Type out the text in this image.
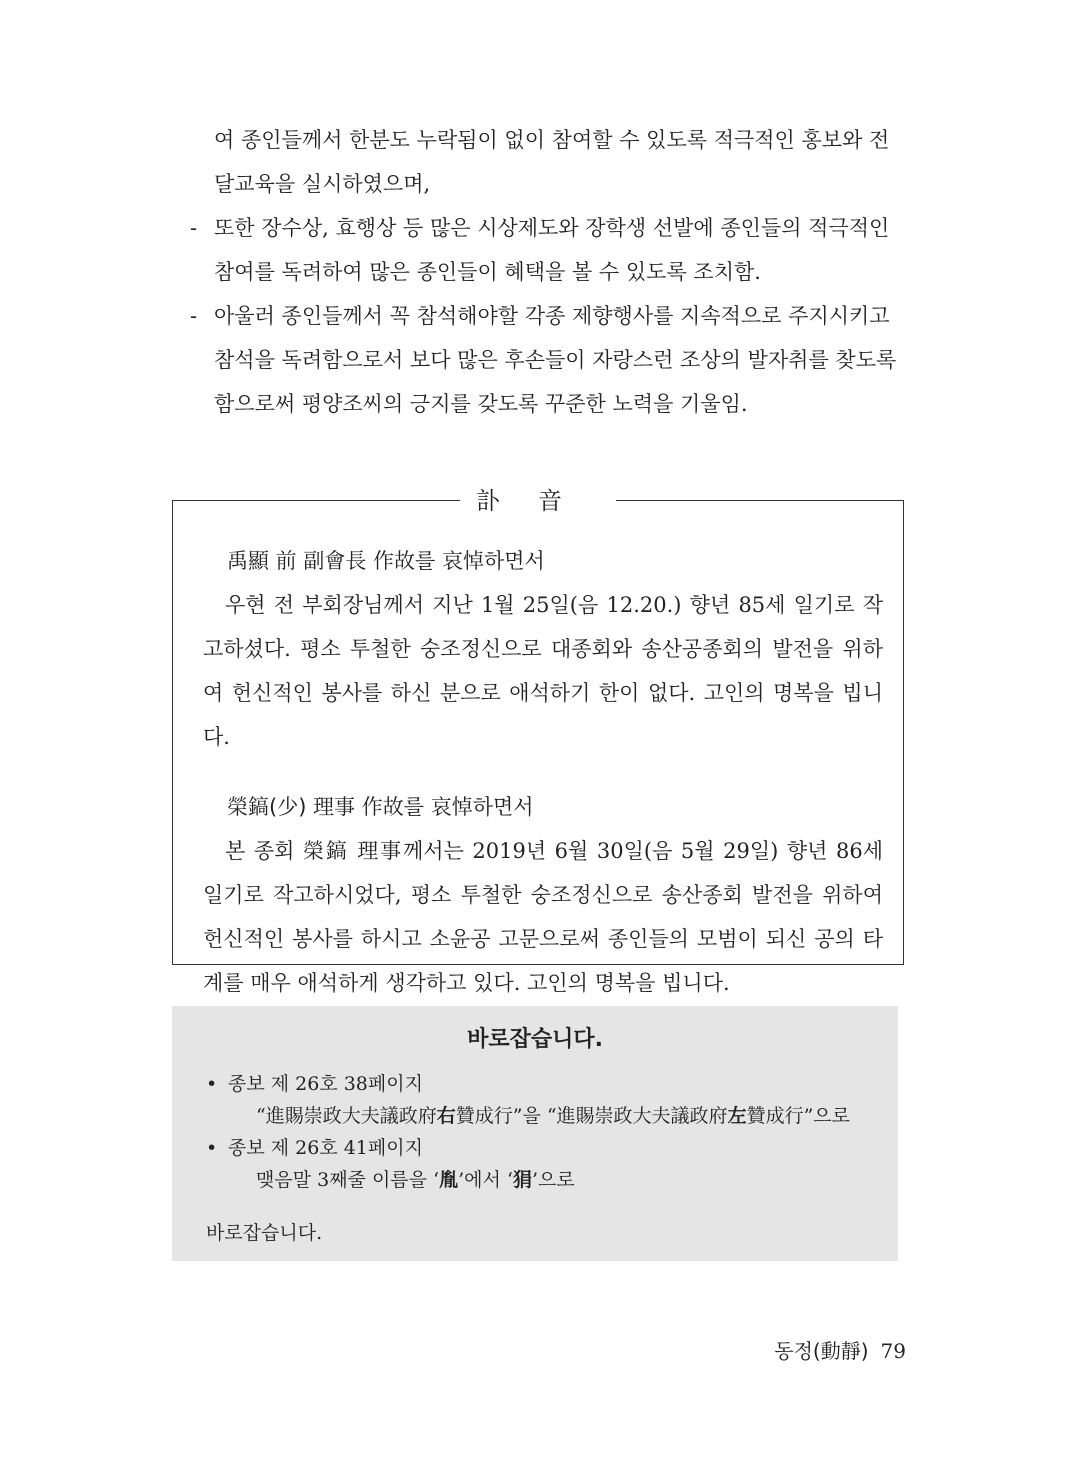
여 종인들께서 한분도 누락됨이 없이 참여할 수 있도록 적극적인 홍보와 전
달교육을 실시하였으며,
- 또한 장수상, 효행상 등 많은 시상제도와 장학생 선발에 종인들의 적극적인
참여를 독려하여 많은 종인들이 혜택을 볼 수 있도록 조치함.
- 아울러 종인들께서 꼭 참석해야할 각종 제향행사를 지속적으로 주지시키고
참석을 독려함으로서 보다 많은 후손들이 자랑스런 조상의 발자취를 찾도록
함으로써 평양조씨의 긍지를 갖도록 꾸준한 노력을 기울임.
訃音
禹顯 前 副會長 作故를 哀悼하면서
우현 전 부회장님께서 지난 1월 25일(음 12.20.) 향년 85세 일기로 작고하셨다. 평소 투철한 숭조정신으로 대종회와 송산공종회의 발전을 위하여 헌신적인 봉사를 하신 분으로 애석하기 한이 없다. 고인의 명복을 빕니다.
榮鎬(少) 理事 作故를 哀悼하면서
본 종회 榮鎬 理事께서는 2019년 6월 30일(음 5월 29일) 향년 86세 일기로 작고하시었다, 평소 투철한 숭조정신으로 송산종회 발전을 위하여 헌신적인 봉사를 하시고 소윤공 고문으로써 종인들의 모범이 되신 공의 타계를 매우 애석하게 생각하고 있다. 고인의 명복을 빕니다.
바로잡습니다.
• 종보 제 26호 38페이지
“進賜崇政大夫議政府右贊成行”을 “進賜崇政大夫議政府左贊成行”으로
• 종보 제 26호 41페이지
맺음말 3째줄 이름을 ‘胤’에서 ‘狷’으로
바로잡습니다.
동정(動靜) 79
